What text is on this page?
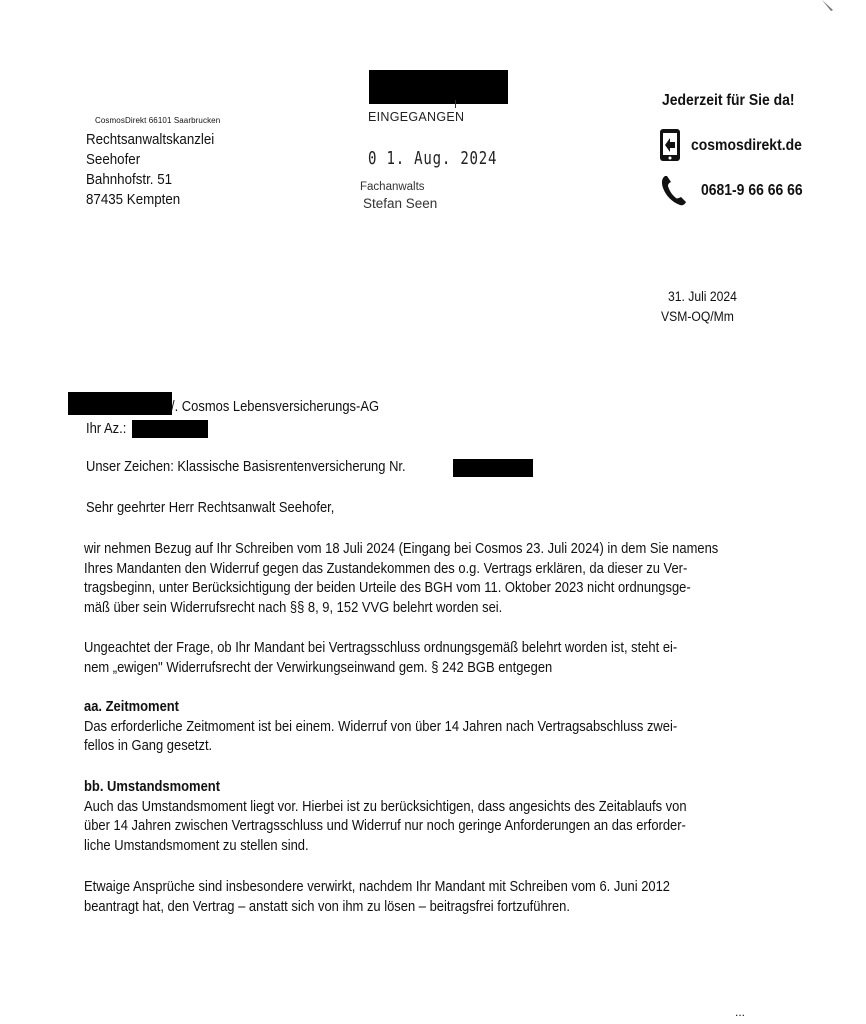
CosmosDirekt 66101 Saarbrucken
Rechtsanwaltskanzlei
Seehofer
Bahnhofstr. 51
87435 Kempten
EINGEGANGEN
0 1. Aug. 2024
Fachanwalts
Stefan Seen
Jederzeit für Sie da!
cosmosdirekt.de
0681-9 66 66 66
31. Juli 2024
VSM-OQ/Mm
/. Cosmos Lebensversicherungs-AG
Ihr Az.:
Unser Zeichen: Klassische Basisrentenversicherung Nr.
Sehr geehrter Herr Rechtsanwalt Seehofer,
wir nehmen Bezug auf Ihr Schreiben vom 18 Juli 2024 (Eingang bei Cosmos 23. Juli 2024) in dem Sie namens
Ihres Mandanten den Widerruf gegen das Zustandekommen des o.g. Vertrags erklären, da dieser zu Ver-
tragsbeginn, unter Berücksichtigung der beiden Urteile des BGH vom 11. Oktober 2023 nicht ordnungsge-
mäß über sein Widerrufsrecht nach §§ 8, 9, 152 VVG belehrt worden sei.
Ungeachtet der Frage, ob Ihr Mandant bei Vertragsschluss ordnungsgemäß belehrt worden ist, steht ei-
nem „ewigen" Widerrufsrecht der Verwirkungseinwand gem. § 242 BGB entgegen
aa. Zeitmoment
Das erforderliche Zeitmoment ist bei einem. Widerruf von über 14 Jahren nach Vertragsabschluss zwei-
fellos in Gang gesetzt.
bb. Umstandsmoment
Auch das Umstandsmoment liegt vor. Hierbei ist zu berücksichtigen, dass angesichts des Zeitablaufs von
über 14 Jahren zwischen Vertragsschluss und Widerruf nur noch geringe Anforderungen an das erforder-
liche Umstandsmoment zu stellen sind.
Etwaige Ansprüche sind insbesondere verwirkt, nachdem Ihr Mandant mit Schreiben vom 6. Juni 2012
beantragt hat, den Vertrag – anstatt sich von ihm zu lösen – beitragsfrei fortzuführen.
...
